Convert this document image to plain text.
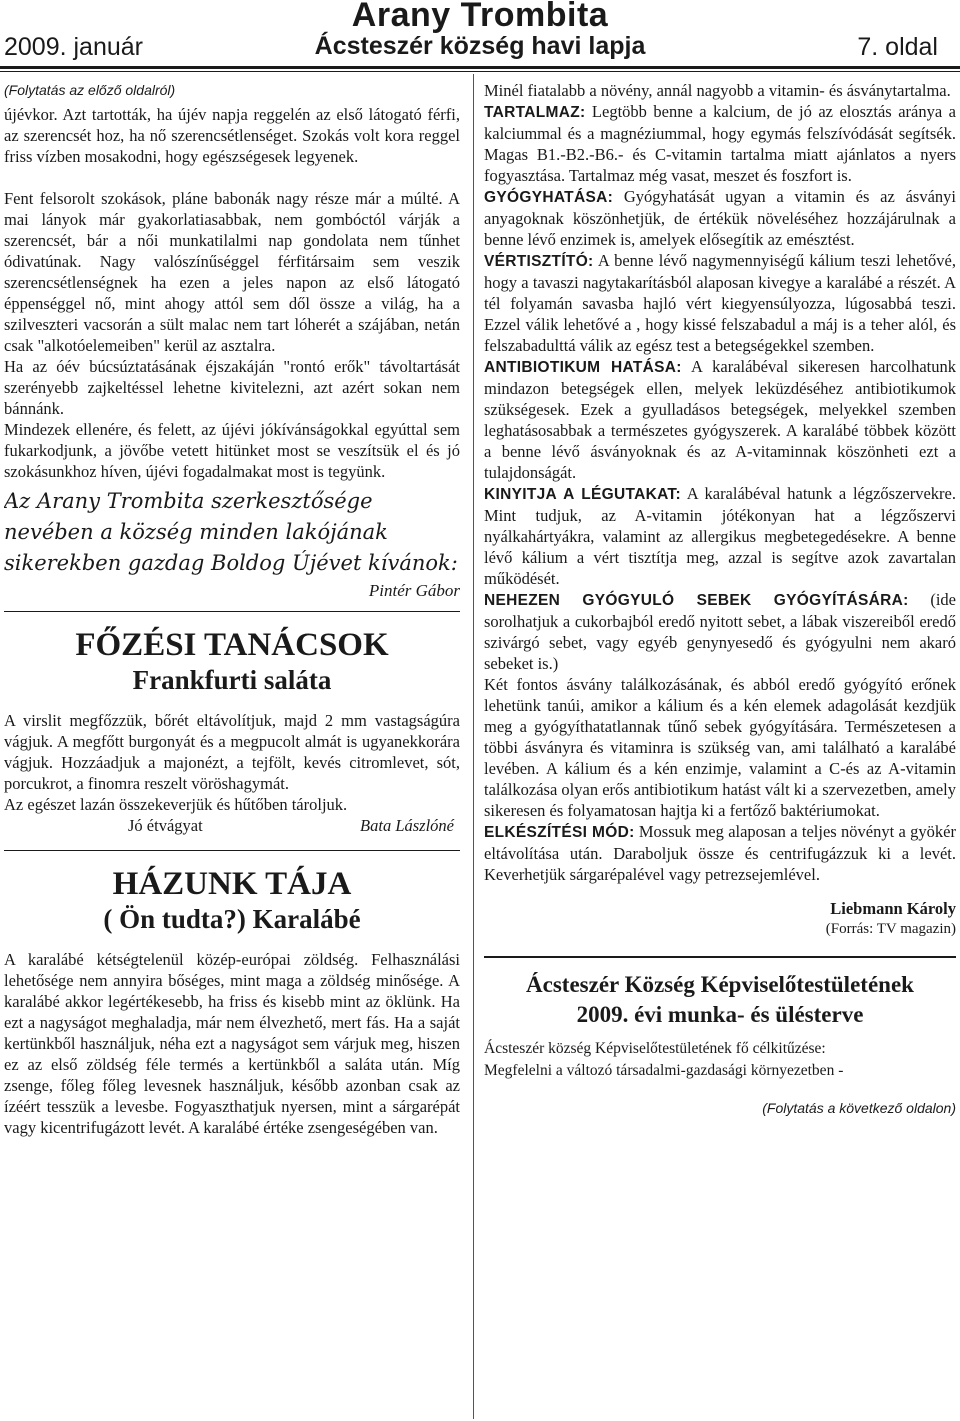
2009. január
Arany Trombita
Ácsteszér község havi lapja	7. oldal

(Folytatás az előző oldalról)

újévkor. Azt tartották, ha újév napja reggelén az első látogató férfi, az szerencsét hoz, ha nő szerencsétlenséget. Szokás volt kora reggel friss vízben mosakodni, hogy egészségesek legyenek.

Fent felsorolt szokások, pláne babonák nagy része már a múlté. A mai lányok már gyakorlatiasabbak, nem gombóctól várják a szerencsét, bár a női munkatilalmi nap gondolata nem tűnhet ódivatúnak. Nagy valószínűséggel férfitársaim sem veszik szerencsétlenségnek ha ezen a jeles napon az első látogató éppenséggel nő, mint ahogy attól sem dől össze a világ, ha a szilveszteri vacsorán a sült malac nem tart lóherét a szájában, netán csak "alkotóelemeiben" kerül az asztalra.

Ha az óév búcsúztatásának éjszakáján "rontó erők" távoltartását szerényebb zajkeltéssel lehetne kivitelezni, azt azért sokan nem bánnánk.

Mindezek ellenére, és felett, az újévi jókívánságokkal egyúttal sem fukarkodjunk, a jövőbe vetett hitünket most se veszítsük el és jó szokásunkhoz híven, újévi fogadalmakat most is tegyünk.

Az Arany Trombita szerkesztősége nevében a község minden lakójának sikerekben gazdag Boldog Újévet kívánok:
Pintér Gábor
FŐZÉSI TANÁCSOK
Frankfurti saláta

A virslit megfőzzük, bőrét eltávolítjuk, majd 2 mm vastagságúra vágjuk. A megfőtt burgonyát és a megpucolt almát is ugyanekkorára vágjuk. Hozzáadjuk a majonézt, a tejfölt, kevés citromlevet, sót, porcukrot, a finomra reszelt vöröshagymát.

Az egészet lazán összekeverjük és hűtőben tároljuk.

Jó étvágyat	Bata Lászlóné
HÁZUNK TÁJA
( Ön tudta?) Karalábé

A karalábé kétségtelenül közép-európai zöldség. Felhasználási lehetősége nem annyira bőséges, mint maga a zöldség minősége. A karalábé akkor legértékesebb, ha friss és kisebb mint az öklünk. Ha ezt a nagyságot meghaladja, már nem élvezhető, mert fás. Ha a saját kertünkből használjuk, néha ezt a nagyságot sem várjuk meg, hiszen ez az első zöldség féle termés a kertünkből a saláta után. Míg zsenge, főleg főleg levesnek használjuk, később azonban csak az ízéért tesszük a levesbe. Fogyaszthatjuk nyersen, mint a sárgarépát vagy kicentrifugázott levét. A karalábé értéke zsengeségében van.

Minél fiatalabb a növény, annál nagyobb a vitamin- és ásványtartalma.

TARTALMAZ: Legtöbb benne a kalcium, de jó az elosztás aránya a kalciummal és a magnéziummal, hogy egymás felszívódását segítsék. Magas B1.-B2.-B6.- és C-vitamin tartalma miatt ajánlatos a nyers fogyasztása. Tartalmaz még vasat, meszet és foszfort is.

GYÓGYHATÁSA: Gyógyhatását ugyan a vitamin és az ásványi anyagoknak köszönhetjük, de értékük növeléséhez hozzájárulnak a benne lévő enzimek is, amelyek elősegítik az emésztést.

VÉRTISZTÍTÓ: A benne lévő nagymennyiségű kálium teszi lehetővé, hogy a tavaszi nagytakarításból alaposan kivegye a karalábé a részét. A tél folyamán savasba hajló vért kiegyensúlyozza, lúgosabbá teszi. Ezzel válik lehetővé a , hogy kissé felszabadul a máj is a teher alól, és felszabadulttá válik az egész test a betegségekkel szemben.

ANTIBIOTIKUM HATÁSA: A karalábéval sikeresen harcolhatunk mindazon betegségek ellen, melyek leküzdéséhez antibiotikumok szükségesek. Ezek a gyulladásos betegségek, melyekkel szemben leghatásosabbak a természetes gyógyszerek. A karalábé többek között a benne lévő ásványoknak és az A-vitaminnak köszönheti ezt a tulajdonságát.

KINYITJA A LÉGUTAKAT: A karalábéval hatunk a légzőszervekre. Mint tudjuk, az A-vitamin jótékonyan hat a légzőszervi nyálkahártyákra, valamint az allergikus megbetegedésekre. A benne lévő kálium a vért tisztítja meg, azzal is segítve azok zavartalan működését.

NEHEZEN GYÓGYULÓ SEBEK GYÓGYÍTÁSÁRA: (ide sorolhatjuk a cukorbajból eredő nyitott sebet, a lábak viszereiből eredő szivárgó sebet, vagy egyéb genynyesedő és gyógyulni nem akaró sebeket is.)

Két fontos ásvány találkozásának, és abból eredő gyógyító erőnek lehetünk tanúi, amikor a kálium és a kén elemek adagolását kezdjük meg a gyógyíthatatlannak tűnő sebek gyógyítására. Természetesen a többi ásványra és vitaminra is szükség van, ami található a karalábé levében. A kálium és a kén enzimje, valamint a C-és az A-vitamin találkozása olyan erős antibiotikum hatást vált ki a szervezetben, amely sikeresen és folyamatosan hajtja ki a fertőző baktériumokat.

ELKÉSZÍTÉSI MÓD: Mossuk meg alaposan a teljes növényt a gyökér eltávolítása után. Daraboljuk össze és centrifugázzuk ki a levét. Keverhetjük sárgarépalével vagy petrezsejemlével.

Liebmann Károly
(Forrás: TV magazin)
Ácsteszér Község Képviselőtestületének
2009. évi munka- és ülésterve
Ácsteszér község Képviselőtestületének fő célkitűzése:
Megfelelni a változó társadalmi-gazdasági környezetben -
(Folytatás a következő oldalon)
